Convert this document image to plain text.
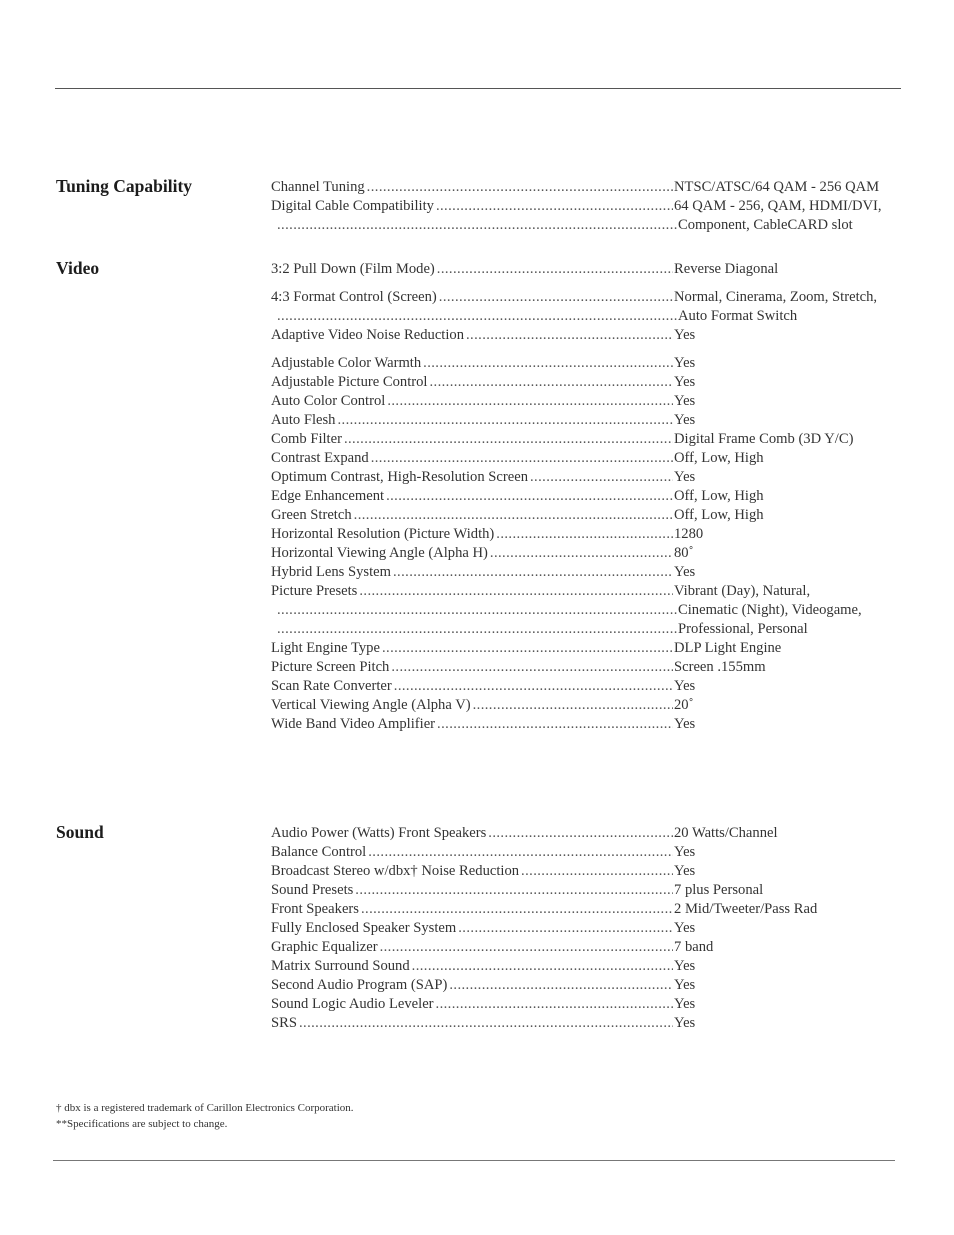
Tuning Capability	Channel Tuning .....	NTSC/ATSC/64 QAM - 256 QAM
Digital Cable Compatibility .....	64 QAM - 256, QAM, HDMI/DVI,
.....
Component, CableCARD slot
Video	3:2 Pull Down (Film Mode) .....	Reverse Diagonal
4:3 Format Control (Screen) .....	Normal, Cinerama, Zoom, Stretch,
.....
Auto Format Switch
Adaptive Video Noise Reduction .....	Yes
Adjustable Color Warmth .....	Yes
Adjustable Picture Control .....	Yes
Auto Color Control .....	Yes
Auto Flesh .....	Yes
Comb Filter .....	Digital Frame Comb (3D Y/C)
Contrast Expand .....	Off, Low, High
Optimum Contrast, High-Resolution Screen .....	Yes
Edge Enhancement .....	Off, Low, High
Green Stretch .....	Off, Low, High
Horizontal Resolution (Picture Width) .....	1280
Horizontal Viewing Angle (Alpha H) .....	80˚
Hybrid Lens System .....	Yes
Picture Presets .....	Vibrant (Day), Natural,
.....
Cinematic (Night), Videogame,
.....
Professional, Personal
Light Engine Type .....	DLP Light Engine
Picture Screen Pitch .....	Screen .155mm
Scan Rate Converter .....	Yes
Vertical Viewing Angle (Alpha V) .....	20˚
Wide Band Video Amplifier .....	Yes
Sound	Audio Power (Watts) Front Speakers .....	20 Watts/Channel
Balance Control .....	Yes
Broadcast Stereo w/dbx† Noise Reduction .....	Yes
Sound Presets .....	7 plus Personal
Front Speakers .....	2 Mid/Tweeter/Pass Rad
Fully Enclosed Speaker System .....	Yes
Graphic Equalizer .....	7 band
Matrix Surround Sound .....	Yes
Second Audio Program (SAP) .....	Yes
Sound Logic Audio Leveler .....	Yes
SRS .....	Yes

† dbx is a registered trademark of Carillon Electronics Corporation.

**Specifications are subject to change.
